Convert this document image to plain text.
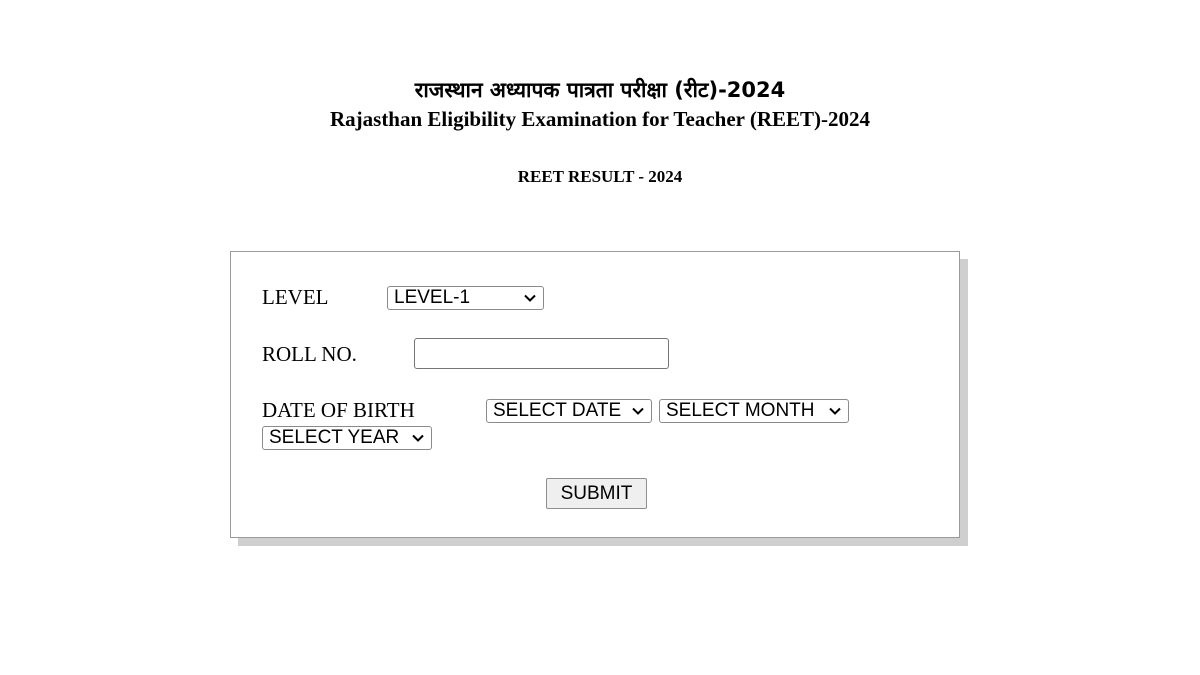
राजस्थान अध्यापक पात्रता परीक्षा (रीट)-2024
Rajasthan Eligibility Examination for Teacher (REET)-2024
REET RESULT - 2024
LEVEL	LEVEL-1
ROLL NO.
DATE OF BIRTH	SELECT DATE SELECT MONTH
SELECT YEAR
SUBMIT
